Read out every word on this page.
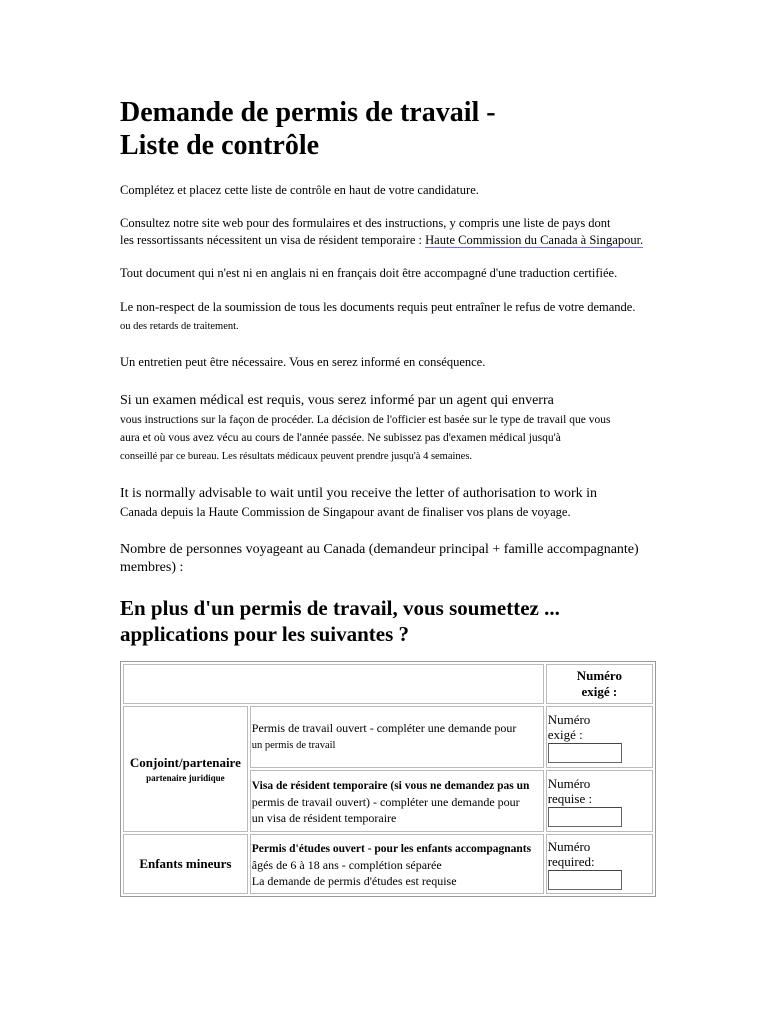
Demande de permis de travail -
Liste de contrôle

Complétez et placez cette liste de contrôle en haut de votre candidature.

Consultez notre site web pour des formulaires et des instructions, y compris une liste de pays dont
les ressortissants nécessitent un visa de résident temporaire : Haute Commission du Canada à Singapour.

Tout document qui n'est ni en anglais ni en français doit être accompagné d'une traduction certifiée.

Le non-respect de la soumission de tous les documents requis peut entraîner le refus de votre demande.
ou des retards de traitement.

Un entretien peut être nécessaire. Vous en serez informé en conséquence.

Si un examen médical est requis, vous serez informé par un agent qui enverra
vous instructions sur la façon de procéder. La décision de l'officier est basée sur le type de travail que vous
aura et où vous avez vécu au cours de l'année passée. Ne subissez pas d'examen médical jusqu'à
conseillé par ce bureau. Les résultats médicaux peuvent prendre jusqu'à 4 semaines.

It is normally advisable to wait until you receive the letter of authorisation to work in
Canada depuis la Haute Commission de Singapour avant de finaliser vos plans de voyage.

Nombre de personnes voyageant au Canada (demandeur principal + famille accompagnante)
membres) :

En plus d'un permis de travail, vous soumettez ...
applications pour les suivantes ?
		Numéro
exigé :
Conjoint/partenaire
partenaire juridique	Permis de travail ouvert - compléter une demande pour
un permis de travail	Numéro
exigé :

	Visa de résident temporaire (si vous ne demandez pas un
permis de travail ouvert) - compléter une demande pour
un visa de résident temporaire	Numéro
requise :

Enfants mineurs	Permis d'études ouvert - pour les enfants accompagnants
âgés de 6 à 18 ans - complétion séparée
La demande de permis d'études est requise	Numéro
required:
